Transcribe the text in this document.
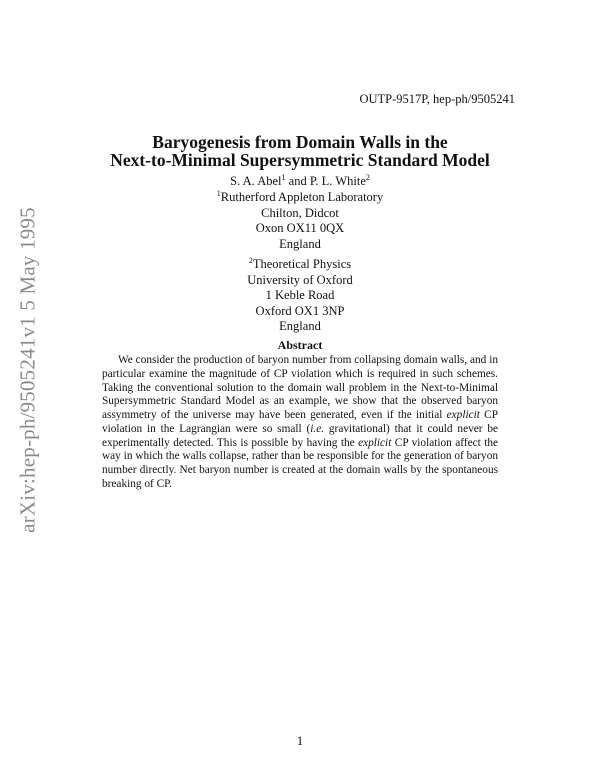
arXiv:hep-ph/9505241v1 5 May 1995
OUTP-9517P, hep-ph/9505241
Baryogenesis from Domain Walls in the
Next-to-Minimal Supersymmetric Standard Model
S. A. Abel$^1$ and P. L. White$^2$
$^1$Rutherford Appleton Laboratory
Chilton, Didcot
Oxon OX11 0QX
England
$^2$Theoretical Physics
University of Oxford
1 Keble Road
Oxford OX1 3NP
England
Abstract
We consider the production of baryon number from collapsing domain walls, and in particular examine the magnitude of CP violation which is required in such schemes. Taking the conventional solution to the domain wall problem in the Next-to-Minimal Supersymmetric Standard Model as an example, we show that the observed baryon assymmetry of the universe may have been generated, even if the initial explicit CP violation in the Lagrangian were so small (i.e. gravitational) that it could never be experimentally detected. This is possible by having the explicit CP violation affect the way in which the walls collapse, rather than be responsible for the generation of baryon number directly. Net baryon number is created at the domain walls by the spontaneous breaking of CP.
1
